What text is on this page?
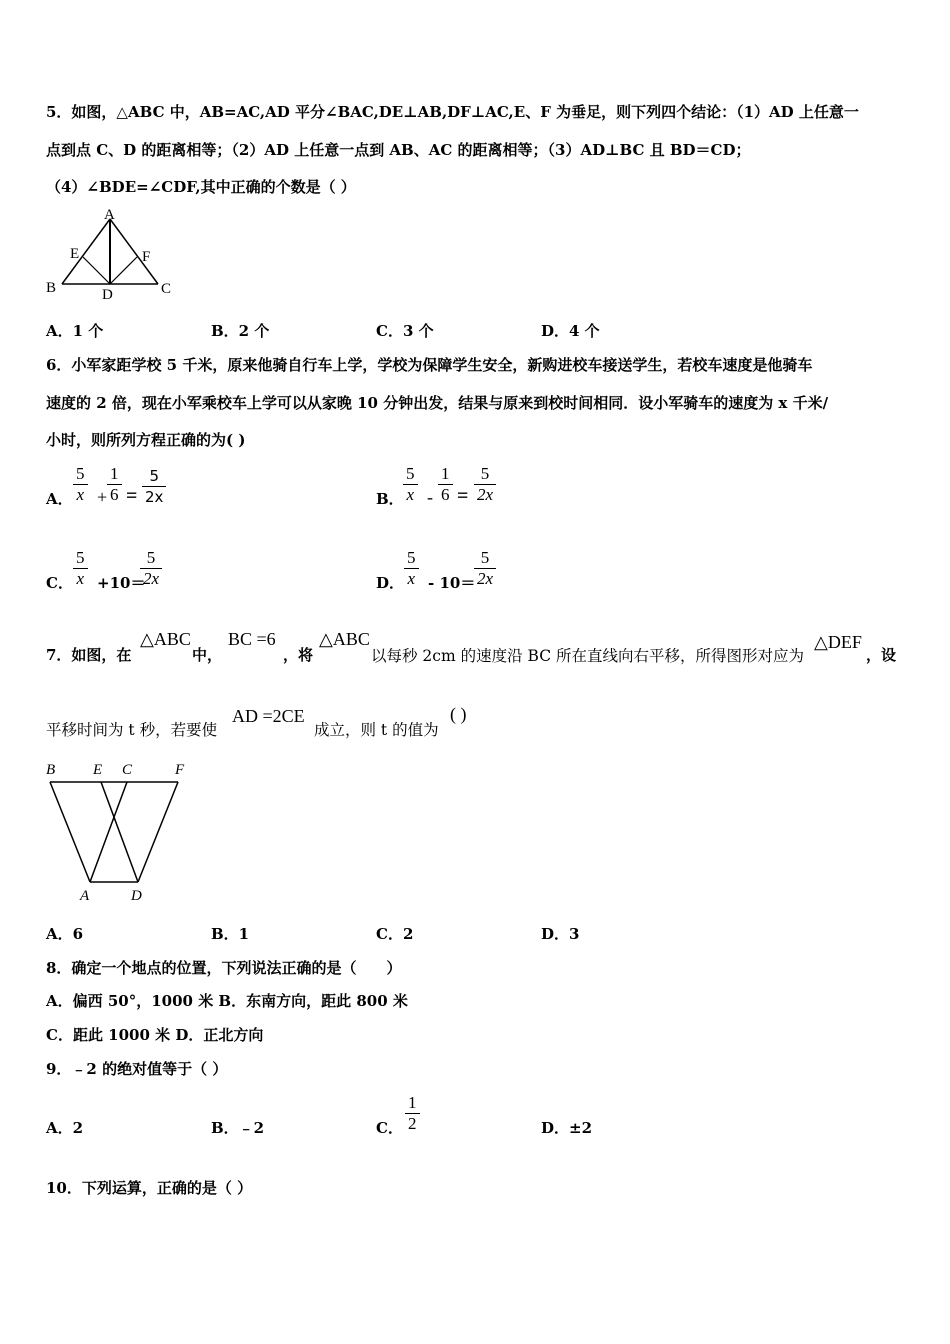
5．如图，△ABC 中，AB=AC,AD 平分∠BAC,DE⊥AB,DF⊥AC,E、F 为垂足，则下列四个结论：（1）AD 上任意一
点到点 C、D 的距离相等；（2）AD 上任意一点到 AB、AC 的距离相等；（3）AD⊥BC 且 BD＝CD；
（4）∠BDE=∠CDF,其中正确的个数是（ ）
A
E	F
B	D	C
A．1 个	B．2 个	C．3 个	D．4 个
6．小军家距学校 5 千米，原来他骑自行车上学，学校为保障学生安全，新购进校车接送学生，若校车速度是他骑车
速度的 2 倍，现在小军乘校车上学可以从家晚 10 分钟出发，结果与原来到校时间相同．设小军骑车的速度为 x 千米/
小时，则所列方程正确的为( )
A． $\frac{5}{x} + \frac{1}{6} = \frac{5}{2x}$	B． $\frac{5}{x} - \frac{1}{6} = \frac{5}{2x}$
C． $\frac{5}{x} +10=$
$\frac{5}{2x}$	D． $\frac{5}{x} - 10=$
$\frac{5}{2x}$
7．如图，在
△ABC
中，
BC =6
，将
△ABC
以每秒 2cm 的速度沿 BC 所在直线向右平移，所得图形对应为
△DEF
，设
平移时间为 t 秒，若要使
AD =2CE
成立，则 t 的值为
( )
B	E C	F
A	D
A．6	B．1	C．2	D．3
8．确定一个地点的位置，下列说法正确的是（　　）
A．偏西 50°，1000 米 B．东南方向，距此 800 米
C．距此 1000 米 D．正北方向
9．﹣2 的绝对值等于（ ）
A．2	B．﹣2	C． $\frac{1}{2}$	D．±2
10．下列运算，正确的是（ ）
